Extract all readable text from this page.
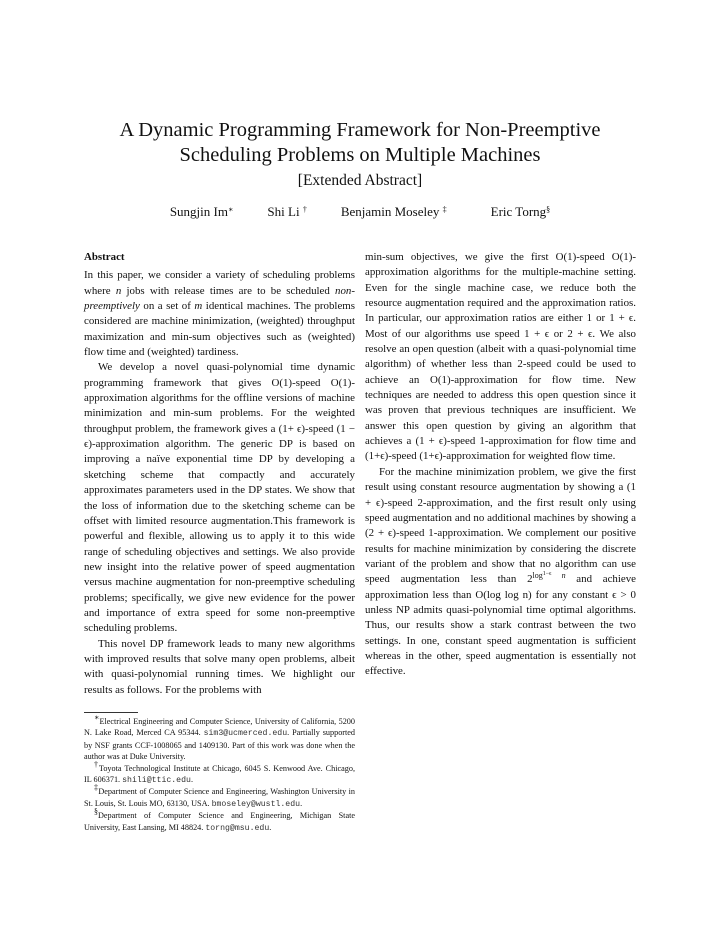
A Dynamic Programming Framework for Non-Preemptive
Scheduling Problems on Multiple Machines
[Extended Abstract]
Sungjin Im∗	Shi Li †	Benjamin Moseley ‡	Eric Torng§
Abstract

In this paper, we consider a variety of scheduling problems where n jobs with release times are to be scheduled non-preemptively on a set of m identical machines. The problems considered are machine minimization, (weighted) throughput maximization and min-sum objectives such as (weighted) flow time and (weighted) tardiness.

We develop a novel quasi-polynomial time dynamic programming framework that gives O(1)-speed O(1)-approximation algorithms for the offline versions of machine minimization and min-sum problems. For the weighted throughput problem, the framework gives a (1+ ϵ)-speed (1 − ϵ)-approximation algorithm. The generic DP is based on improving a naïve exponential time DP by developing a sketching scheme that compactly and accurately approximates parameters used in the DP states. We show that the loss of information due to the sketching scheme can be offset with limited resource augmentation.This framework is powerful and flexible, allowing us to apply it to this wide range of scheduling objectives and settings. We also provide new insight into the relative power of speed augmentation versus machine augmentation for non-preemptive scheduling problems; specifically, we give new evidence for the power and importance of extra speed for some non-preemptive scheduling problems.

This novel DP framework leads to many new algorithms with improved results that solve many open problems, albeit with quasi-polynomial running times. We highlight our results as follows. For the problems with

min-sum objectives, we give the first O(1)-speed O(1)-approximation algorithms for the multiple-machine setting. Even for the single machine case, we reduce both the resource augmentation required and the approximation ratios. In particular, our approximation ratios are either 1 or 1 + ϵ. Most of our algorithms use speed 1 + ϵ or 2 + ϵ. We also resolve an open question (albeit with a quasi-polynomial time algorithm) of whether less than 2-speed could be used to achieve an O(1)-approximation for flow time. New techniques are needed to address this open question since it was proven that previous techniques are insufficient. We answer this open question by giving an algorithm that achieves a (1 + ϵ)-speed 1-approximation for flow time and (1+ϵ)-speed (1+ϵ)-approximation for weighted flow time.

For the machine minimization problem, we give the first result using constant resource augmentation by showing a (1 + ϵ)-speed 2-approximation, and the first result only using speed augmentation and no additional machines by showing a (2 + ϵ)-speed 1-approximation. We complement our positive results for machine minimization by considering the discrete variant of the problem and show that no algorithm can use speed augmentation less than $2^{log^{1-\epsilon} n}$ and achieve approximation less than O(log log n) for any constant ϵ > 0 unless NP admits quasi-polynomial time optimal algorithms. Thus, our results show a stark contrast between the two settings. In one, constant speed augmentation is sufficient whereas in the other, speed augmentation is essentially not effective.

∗Electrical Engineering and Computer Science, University of California, 5200 N. Lake Road, Merced CA 95344. sim3@ucmerced.edu. Partially supported by NSF grants CCF-1008065 and 1409130. Part of this work was done when the author was at Duke University.

†Toyota Technological Institute at Chicago, 6045 S. Kenwood Ave. Chicago, IL 606371. shili@ttic.edu.

‡Department of Computer Science and Engineering, Washington University in St. Louis, St. Louis MO, 63130, USA. bmoseley@wustl.edu.

§Department of Computer Science and Engineering, Michigan State University, East Lansing, MI 48824. torng@msu.edu.
